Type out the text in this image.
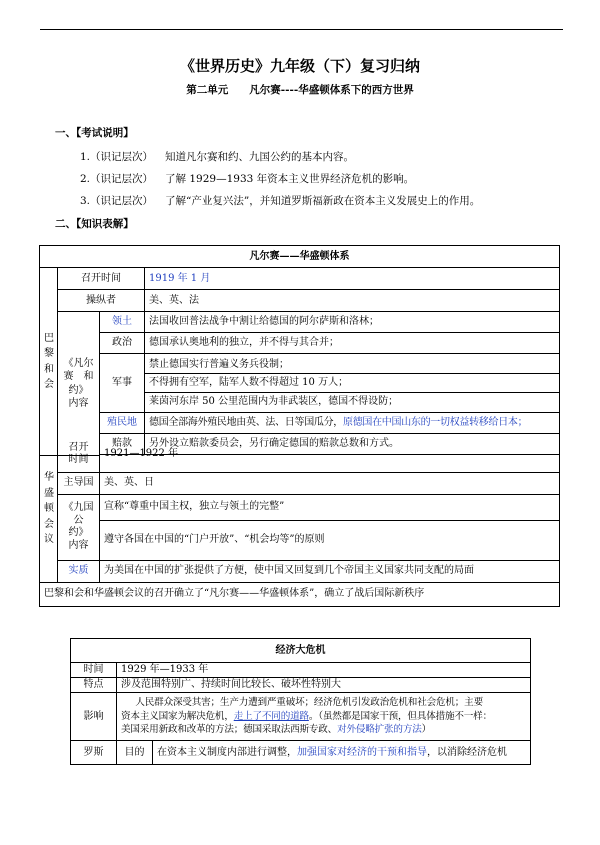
《世界历史》九年级（下）复习归纳
第二单元　　凡尔赛----华盛顿体系下的西方世界
一、【考试说明】
1.（识记层次） 知道凡尔赛和约、九国公约的基本内容。
2.（识记层次） 了解 1929—1933 年资本主义世界经济危机的影响。
3.（识记层次） 了解“产业复兴法”，并知道罗斯福新政在资本主义发展史上的作用。
二、【知识表解】
凡尔赛——华盛顿体系			
巴
黎
和
会	召开时间		1919 年 1 月
	操纵者		美、英、法
	《凡尔
赛　和
约》
内容	领土	法国收回普法战争中割让给德国的阿尔萨斯和洛林；
		政治	德国承认奥地利的独立，并不得与其合并；
		军事	禁止德国实行普遍义务兵役制；
不得拥有空军，陆军人数不得超过 10 万人；
莱茵河东岸 50 公里范围内为非武装区，德国不得设防；

		殖民地	德国全部海外殖民地由英、法、日等国瓜分，原德国在中国山东的一切权益转移给日本；
		赔款	另外设立赔款委员会，另行确定德国的赔款总数和方式。

华
盛
顿
会
议	召开
时间	1921—1922 年
	主导国	美、英、日
	《九国
公
约》
内容	宣称“尊重中国主权，独立与领土的完整”
		遵守各国在中国的“门户开放”、“机会均等”的原则
	实质	为美国在中国的扩张提供了方便，使中国又回复到几个帝国主义国家共同支配的局面
巴黎和会和华盛顿会议的召开确立了“凡尔赛——华盛顿体系”，确立了战后国际新秩序		
经济大危机		
时间	1929 年—1933 年	
特点	涉及范围特别广、持续时间比较长、破坏性特别大	
影响	人民群众深受其害；生产力遭到严重破坏；经济危机引发政治危机和社会危机；主要
资本主义国家为解决危机，走上了不同的道路。（虽然都是国家干预，但具体措施不一样：
美国采用新政和改革的方法；德国采取法西斯专政、对外侵略扩张的方法）	

罗斯	目的	在资本主义制度内部进行调整，加强国家对经济的干预和指导，以消除经济危机
